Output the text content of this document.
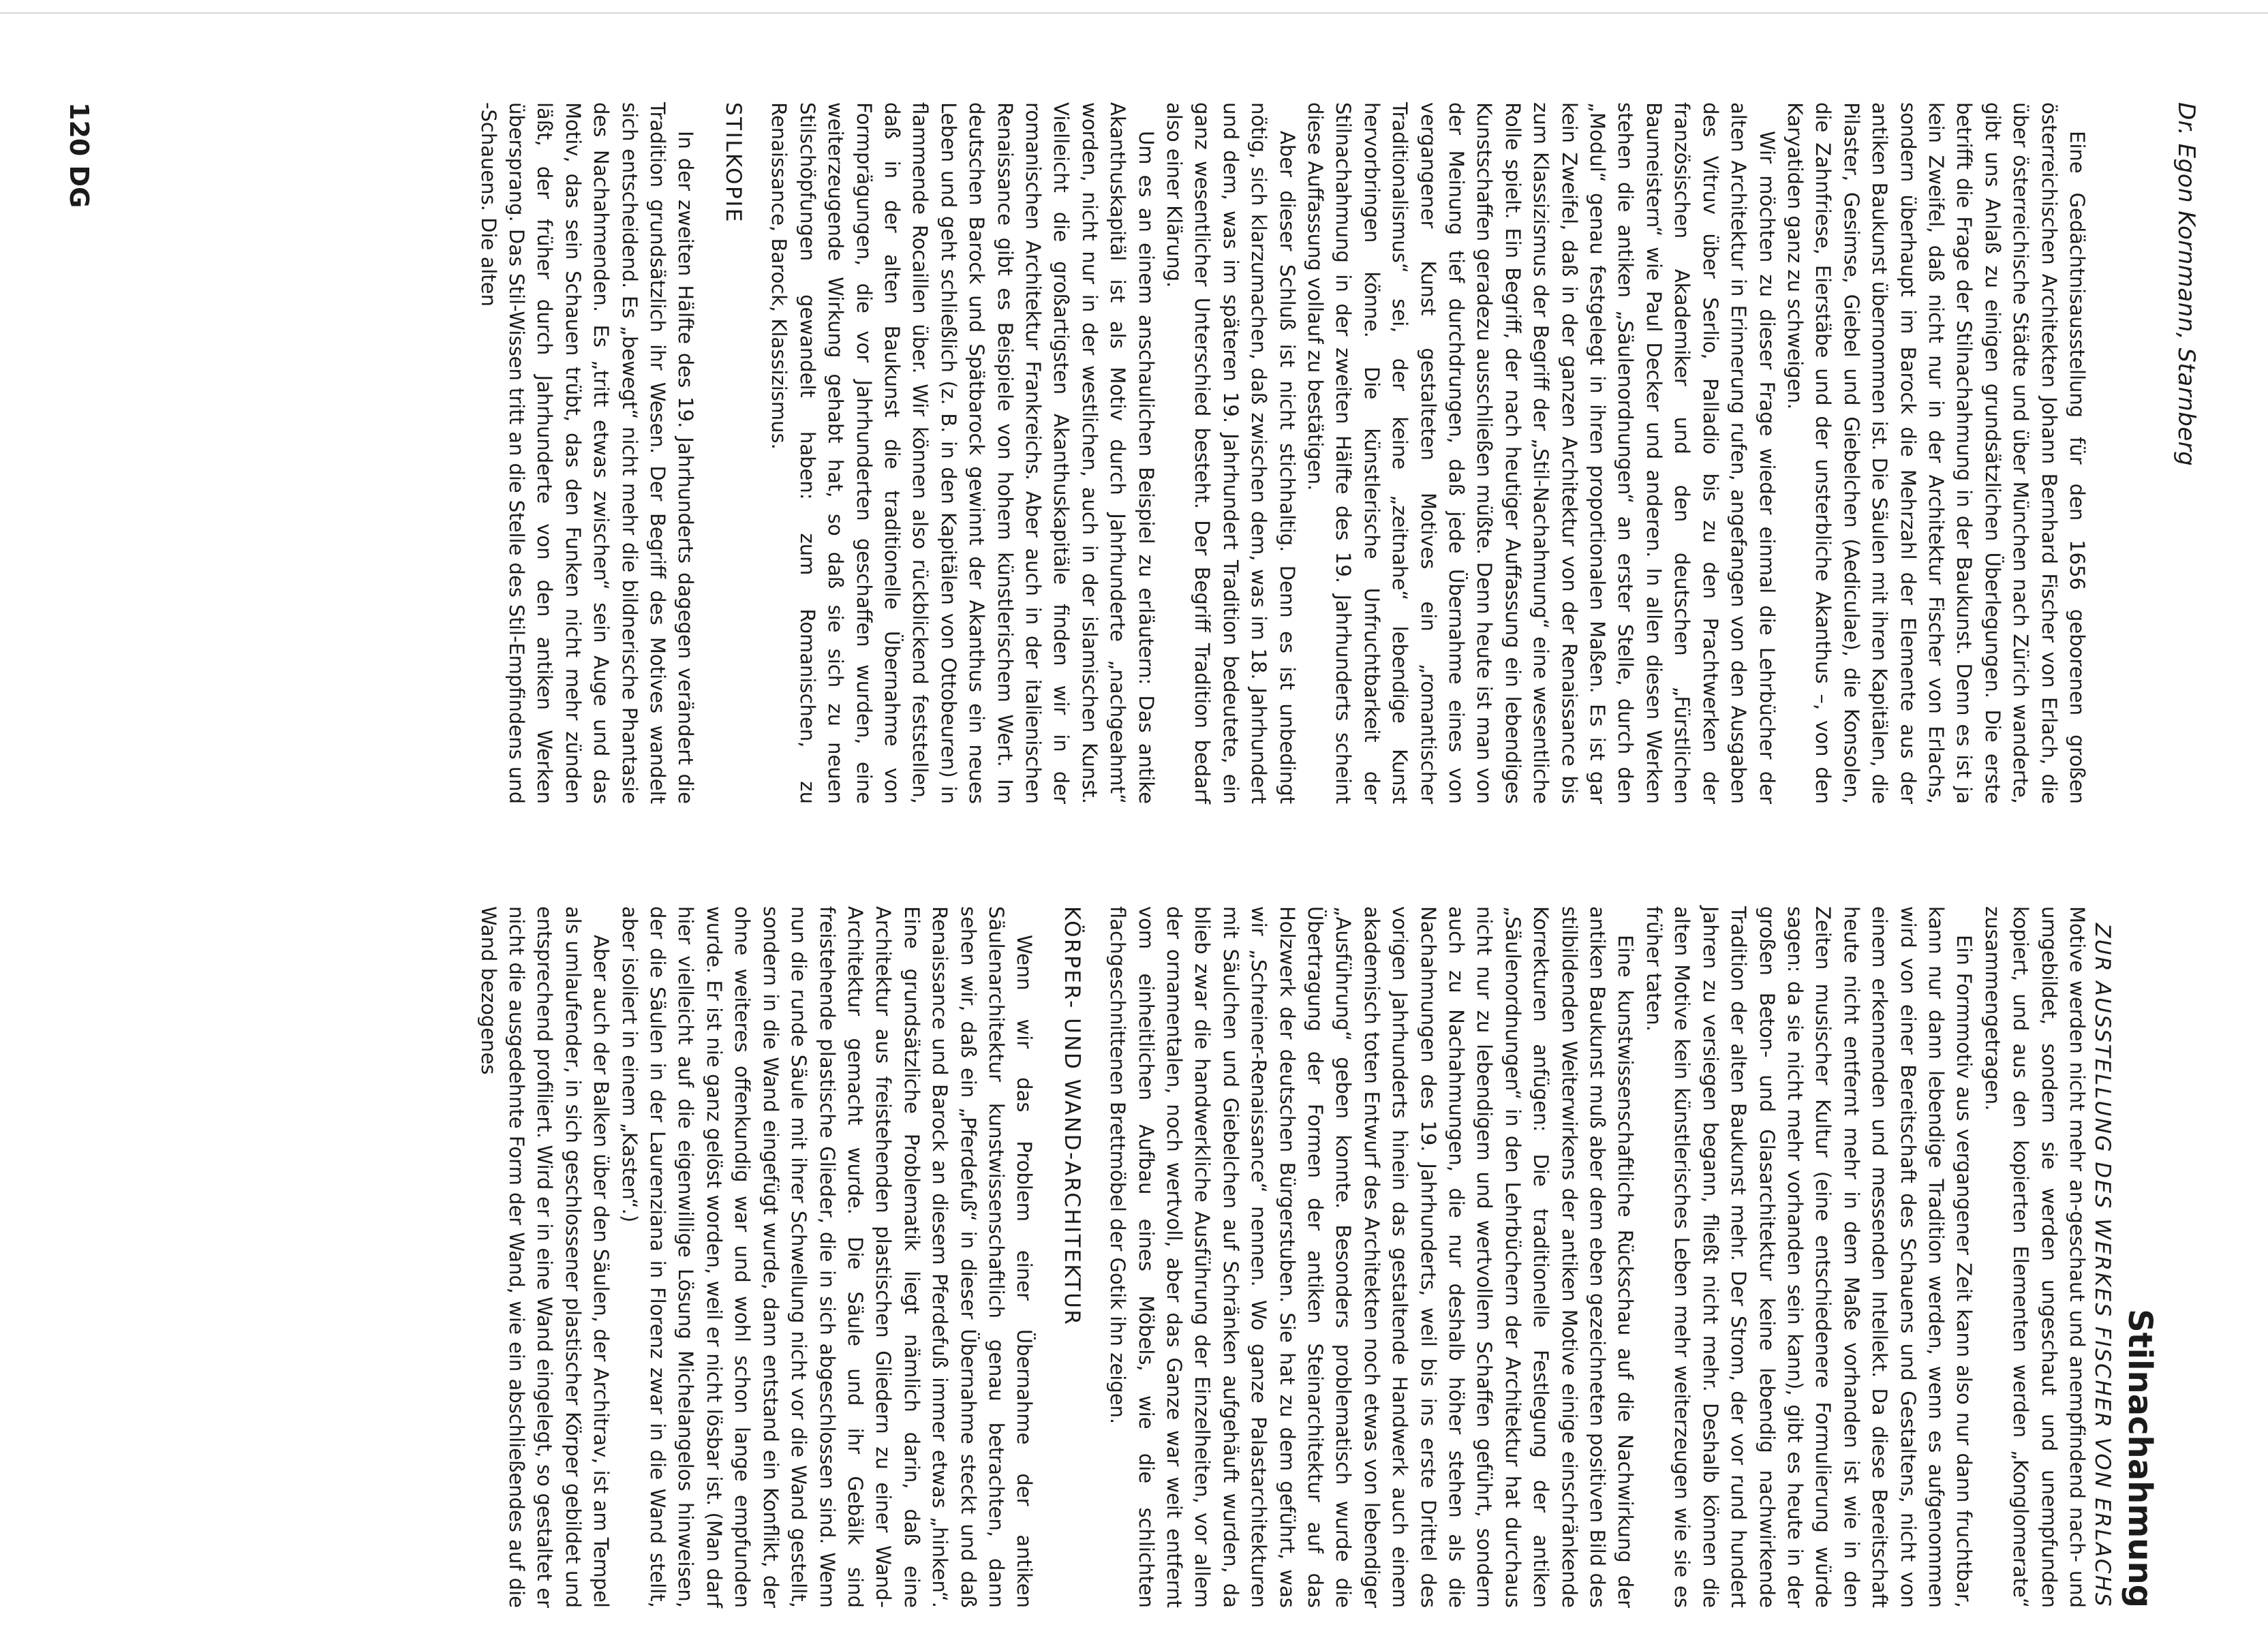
Dr. Egon Kornmann, Starnberg
Stilnachahmung
ZUR AUSSTELLUNG DES WERKES FISCHER VON ERLACHS

Eine Gedächtnisausstellung für den 1656 geborenen großen österreichischen Architekten Johann Bernhard Fischer von Erlach, die über österreichische Städte und über München nach Zürich wanderte, gibt uns Anlaß zu einigen grundsätzlichen Überlegungen. Die erste betrifft die Frage der Stilnachahmung in der Baukunst. Denn es ist ja kein Zweifel, daß nicht nur in der Architektur Fischer von Erlachs, sondern überhaupt im Barock die Mehrzahl der Elemente aus der antiken Baukunst übernommen ist. Die Säulen mit ihren Kapitälen, die Pilaster, Gesimse, Giebel und Giebelchen (Aediculae), die Konsolen, die Zahnfriese, Eierstäbe und der unsterbliche Akanthus –, von den Karyatiden ganz zu schweigen.

Wir möchten zu dieser Frage wieder einmal die Lehrbücher der alten Architektur in Erinnerung rufen, angefangen von den Ausgaben des Vitruv über Serlio, Palladio bis zu den Prachtwerken der französischen Akademiker und den deutschen „Fürstlichen Baumeistern“ wie Paul Decker und anderen. In allen diesen Werken stehen die antiken „Säulenordnungen“ an erster Stelle, durch den „Modul“ genau festgelegt in ihren proportionalen Maßen. Es ist gar kein Zweifel, daß in der ganzen Architektur von der Renaissance bis zum Klassizismus der Begriff der „Stil-Nachahmung“ eine wesentliche Rolle spielt. Ein Begriff, der nach heutiger Auffassung ein lebendiges Kunstschaffen geradezu ausschließen müßte. Denn heute ist man von der Meinung tief durchdrungen, daß jede Übernahme eines von vergangener Kunst gestalteten Motives ein „romantischer Traditionalismus“ sei, der keine „zeitnahe“ lebendige Kunst hervorbringen könne. Die künstlerische Unfruchtbarkeit der Stilnachahmung in der zweiten Hälfte des 19. Jahrhunderts scheint diese Auffassung vollauf zu bestätigen.

Aber dieser Schluß ist nicht stichhaltig. Denn es ist unbedingt nötig, sich klarzumachen, daß zwischen dem, was im 18. Jahrhundert und dem, was im späteren 19. Jahrhundert Tradition bedeutete, ein ganz wesentlicher Unterschied besteht. Der Begriff Tradition bedarf also einer Klärung.

Um es an einem anschaulichen Beispiel zu erläutern: Das antike Akanthuskapitäl ist als Motiv durch Jahrhunderte „nachgeahmt“ worden, nicht nur in der westlichen, auch in der islamischen Kunst. Vielleicht die großartigsten Akanthuskapitäle finden wir in der romanischen Architektur Frankreichs. Aber auch in der italienischen Renaissance gibt es Beispiele von hohem künstlerischem Wert. Im deutschen Barock und Spätbarock gewinnt der Akanthus ein neues Leben und geht schließlich (z. B. in den Kapitälen von Ottobeuren) in flammende Rocaillen über. Wir können also rückblickend feststellen, daß in der alten Baukunst die traditionelle Übernahme von Formprägungen, die vor Jahrhunderten geschaffen wurden, eine weiterzeugende Wirkung gehabt hat, so daß sie sich zu neuen Stilschöpfungen gewandelt haben: zum Romanischen, zu Renaissance, Barock, Klassizismus.

STILKOPIE

In der zweiten Hälfte des 19. Jahrhunderts dagegen verändert die Tradition grundsätzlich ihr Wesen. Der Begriff des Motives wandelt sich entscheidend. Es „bewegt“ nicht mehr die bildnerische Phantasie des Nachahmenden. Es „tritt etwas zwischen“ sein Auge und das Motiv, das sein Schauen trübt, das den Funken nicht mehr zünden läßt, der früher durch Jahrhunderte von den antiken Werken übersprang. Das Stil-Wissen tritt an die Stelle des Stil-Empfindens und -Schauens. Die alten

Motive werden nicht mehr an-geschaut und anempfindend nach- und umgebildet, sondern sie werden ungeschaut und unempfunden kopiert, und aus den kopierten Elementen werden „Konglomerate“ zusammengetragen.

Ein Formmotiv aus vergangener Zeit kann also nur dann fruchtbar, kann nur dann lebendige Tradition werden, wenn es aufgenommen wird von einer Bereitschaft des Schauens und Gestaltens, nicht von einem erkennenden und messenden Intellekt. Da diese Bereitschaft heute nicht entfernt mehr in dem Maße vorhanden ist wie in den Zeiten musischer Kultur (eine entschiedenere Formulierung würde sagen: da sie nicht mehr vorhanden sein kann), gibt es heute in der großen Beton- und Glasarchitektur keine lebendig nachwirkende Tradition der alten Baukunst mehr. Der Strom, der vor rund hundert Jahren zu versiegen begann, fließt nicht mehr. Deshalb können die alten Motive kein künstlerisches Leben mehr weiterzeugen wie sie es früher taten.

Eine kunstwissenschaftliche Rückschau auf die Nachwirkung der antiken Baukunst muß aber dem eben gezeichneten positiven Bild des stilbildenden Weiterwirkens der antiken Motive einige einschränkende Korrekturen anfügen: Die traditionelle Festlegung der antiken „Säulenordnungen“ in den Lehrbüchern der Architektur hat durchaus nicht nur zu lebendigem und wertvollem Schaffen geführt, sondern auch zu Nachahmungen, die nur deshalb höher stehen als die Nachahmungen des 19. Jahrhunderts, weil bis ins erste Drittel des vorigen Jahrhunderts hinein das gestaltende Handwerk auch einem akademisch toten Entwurf des Architekten noch etwas von lebendiger „Ausführung“ geben konnte. Besonders problematisch wurde die Übertragung der Formen der antiken Steinarchitektur auf das Holzwerk der deutschen Bürgerstuben. Sie hat zu dem geführt, was wir „Schreiner-Renaissance“ nennen. Wo ganze Palastarchitekturen mit Säulchen und Giebelchen auf Schränken aufgehäuft wurden, da blieb zwar die handwerkliche Ausführung der Einzelheiten, vor allem der ornamentalen, noch wertvoll, aber das Ganze war weit entfernt vom einheitlichen Aufbau eines Möbels, wie die schlichten flachgeschnittenen Brettmöbel der Gotik ihn zeigen.

KÖRPER- UND WAND-ARCHITEKTUR

Wenn wir das Problem einer Übernahme der antiken Säulenarchitektur kunstwissenschaftlich genau betrachten, dann sehen wir, daß ein „Pferdefuß“ in dieser Übernahme steckt und daß Renaissance und Barock an diesem Pferdefuß immer etwas „hinken“. Eine grundsätzliche Problematik liegt nämlich darin, daß eine Architektur aus freistehenden plastischen Gliedern zu einer Wand-Architektur gemacht wurde. Die Säule und ihr Gebälk sind freistehende plastische Glieder, die in sich abgeschlossen sind. Wenn nun die runde Säule mit ihrer Schwellung nicht vor die Wand gestellt, sondern in die Wand eingefügt wurde, dann entstand ein Konflikt, der ohne weiteres offenkundig war und wohl schon lange empfunden wurde. Er ist nie ganz gelöst worden, weil er nicht lösbar ist. (Man darf hier vielleicht auf die eigenwillige Lösung Michelangelos hinweisen, der die Säulen in der Laurenziana in Florenz zwar in die Wand stellt, aber isoliert in einem „Kasten“.)

Aber auch der Balken über den Säulen, der Architrav, ist am Tempel als umlaufender, in sich geschlossener plastischer Körper gebildet und entsprechend profiliert. Wird er in eine Wand eingelegt, so gestaltet er nicht die ausgedehnte Form der Wand, wie ein abschließendes auf die Wand bezogenes

120 DG
